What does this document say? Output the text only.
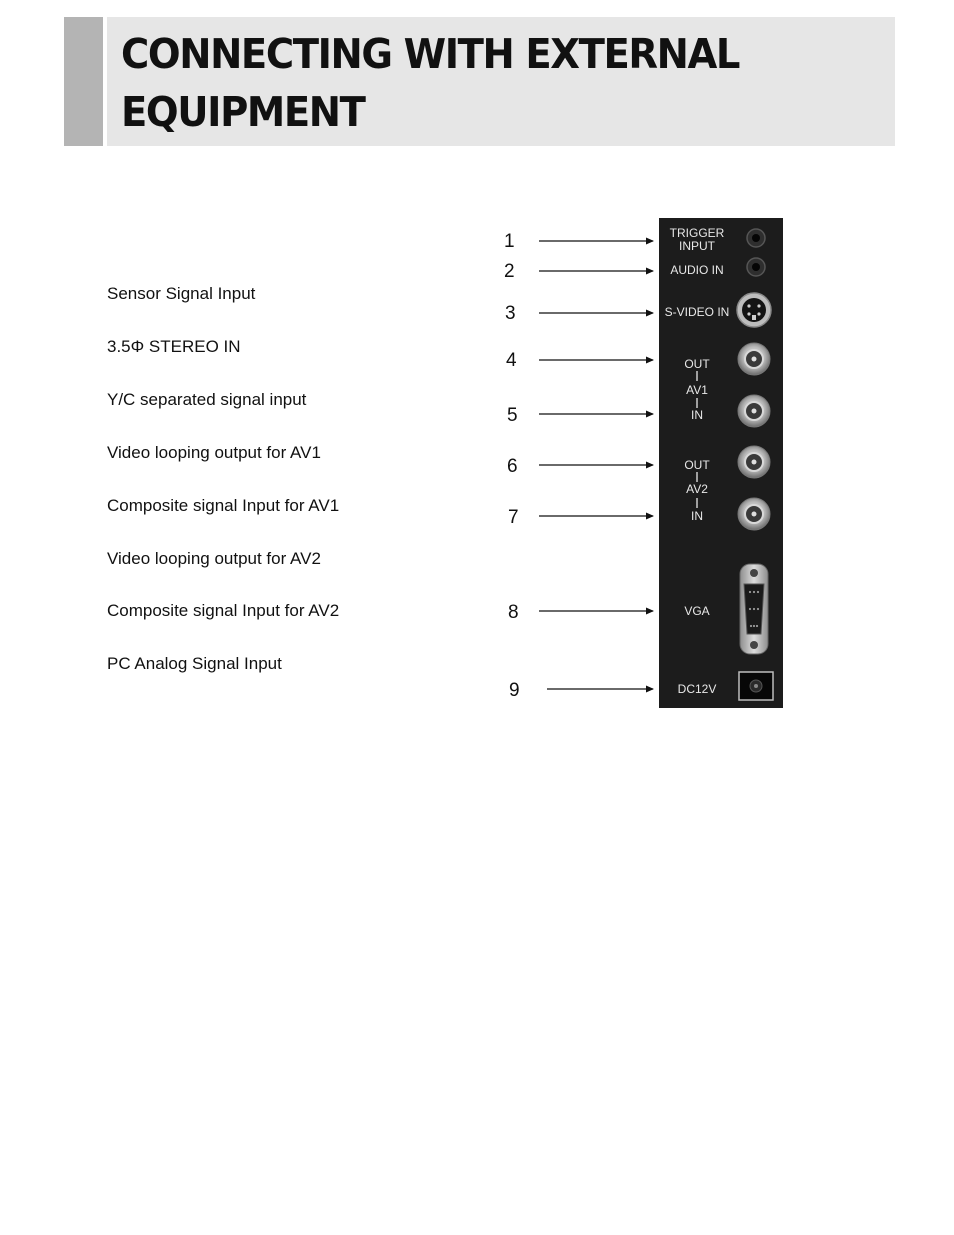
CONNECTING WITH EXTERNAL
EQUIPMENT
Sensor Signal Input
3.5Φ STEREO IN
Y/C separated signal input
Video looping output for AV1
Composite signal Input for AV1
Video looping output for AV2
Composite signal Input for AV2
PC Analog Signal Input
1
2
3
4
5
6
7
8
9
TRIGGER
INPUT
AUDIO IN
S-VIDEO IN
OUT
AV1
IN
OUT
AV2
IN
VGA
DC12V
